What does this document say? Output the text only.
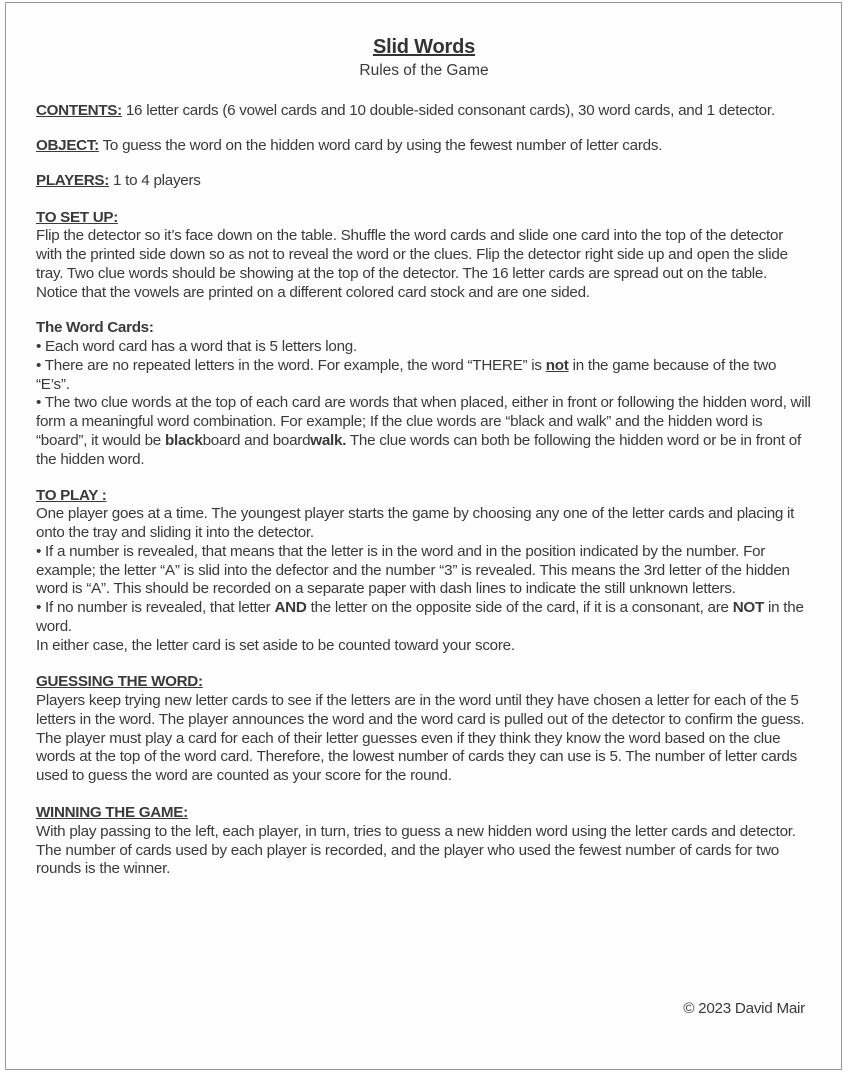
Slid Words
Rules of the Game
CONTENTS: 16 letter cards (6 vowel cards and 10 double-sided consonant cards), 30 word cards, and 1 detector.
OBJECT: To guess the word on the hidden word card by using the fewest number of letter cards.
PLAYERS: 1 to 4 players
TO SET UP:
Flip the detector so it’s face down on the table. Shuffle the word cards and slide one card into the top of the detector with the printed side down so as not to reveal the word or the clues. Flip the detector right side up and open the slide tray. Two clue words should be showing at the top of the detector. The 16 letter cards are spread out on the table. Notice that the vowels are printed on a different colored card stock and are one sided.
The Word Cards:
• Each word card has a word that is 5 letters long.
• There are no repeated letters in the word. For example, the word “THERE” is not in the game because of the two “E’s”.
• The two clue words at the top of each card are words that when placed, either in front or following the hidden word, will form a meaningful word combination. For example; If the clue words are “black and walk” and the hidden word is “board”, it would be blackboard and boardwalk. The clue words can both be following the hidden word or be in front of the hidden word.
TO PLAY :
One player goes at a time. The youngest player starts the game by choosing any one of the letter cards and placing it onto the tray and sliding it into the detector.
• If a number is revealed, that means that the letter is in the word and in the position indicated by the number. For example; the letter “A” is slid into the defector and the number “3” is revealed. This means the 3rd letter of the hidden word is “A”. This should be recorded on a separate paper with dash lines to indicate the still unknown letters.
• If no number is revealed, that letter AND the letter on the opposite side of the card, if it is a consonant, are NOT in the word.
In either case, the letter card is set aside to be counted toward your score.
GUESSING THE WORD:
Players keep trying new letter cards to see if the letters are in the word until they have chosen a letter for each of the 5 letters in the word. The player announces the word and the word card is pulled out of the detector to confirm the guess. The player must play a card for each of their letter guesses even if they think they know the word based on the clue words at the top of the word card. Therefore, the lowest number of cards they can use is 5. The number of letter cards used to guess the word are counted as your score for the round.
WINNING THE GAME:
With play passing to the left, each player, in turn, tries to guess a new hidden word using the letter cards and detector. The number of cards used by each player is recorded, and the player who used the fewest number of cards for two rounds is the winner.
© 2023 David Mair
